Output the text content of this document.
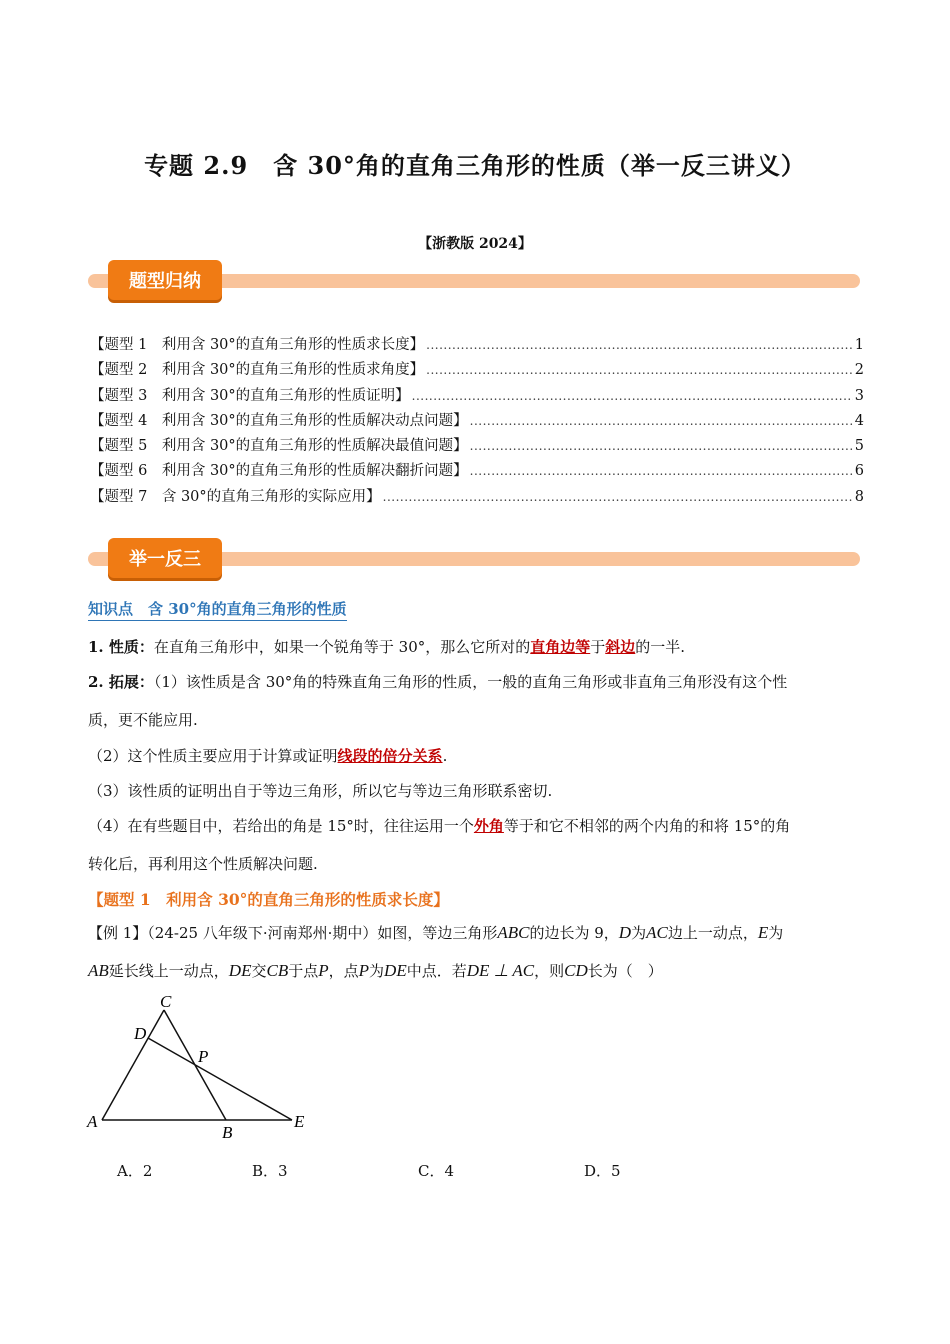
专题 2.9　含 30°角的直角三角形的性质（举一反三讲义）
【浙教版 2024】
题型归纳
【题型 1　利用含 30°的直角三角形的性质求长度】 .....	1
【题型 2　利用含 30°的直角三角形的性质求角度】 .....	2
【题型 3　利用含 30°的直角三角形的性质证明】 .....	3
【题型 4　利用含 30°的直角三角形的性质解决动点问题】 .....	4
【题型 5　利用含 30°的直角三角形的性质解决最值问题】 .....	5
【题型 6　利用含 30°的直角三角形的性质解决翻折问题】 .....	6
【题型 7　含 30°的直角三角形的实际应用】 .....	8
举一反三
知识点　含 30°角的直角三角形的性质
1. 性质：在直角三角形中，如果一个锐角等于 30°，那么它所对的直角边等于斜边的一半.
2. 拓展：（1）该性质是含 30°角的特殊直角三角形的性质，一般的直角三角形或非直角三角形没有这个性
质，更不能应用.
（2）这个性质主要应用于计算或证明线段的倍分关系.
（3）该性质的证明出自于等边三角形，所以它与等边三角形联系密切.
（4）在有些题目中，若给出的角是 15°时，往往运用一个外角等于和它不相邻的两个内角的和将 15°的角
转化后，再利用这个性质解决问题.
【题型 1　利用含 30°的直角三角形的性质求长度】
【例 1】（24-25 八年级下·河南郑州·期中）如图，等边三角形ABC的边长为 9，D为AC边上一动点，E为
AB延长线上一动点，DE交CB于点P，点P为DE中点．若DE ⊥ AC，则CD长为（　）
C
D
P
A
B
E
A．2	B．3	C．4	D．5
